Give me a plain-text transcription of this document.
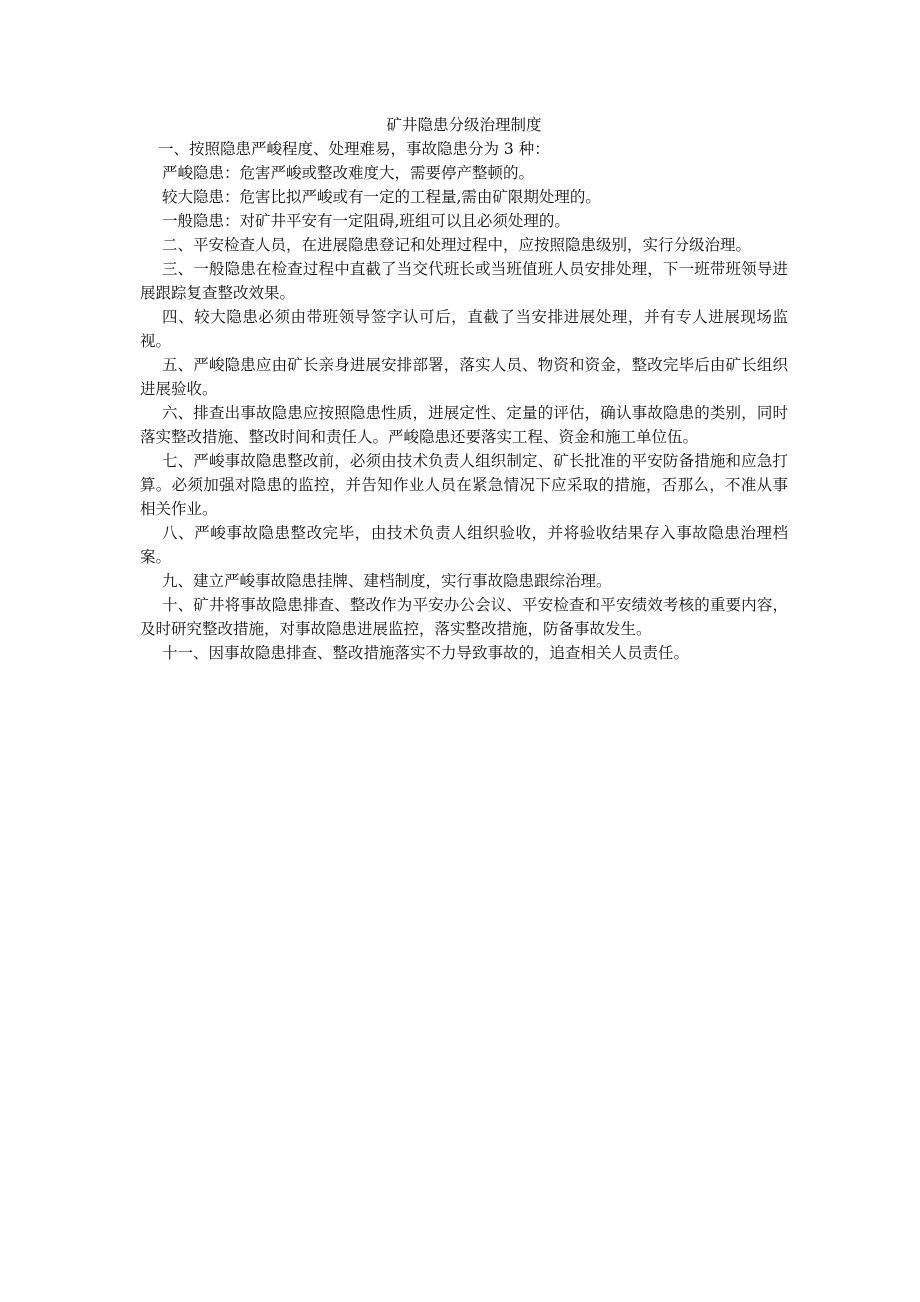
矿井隐患分级治理制度

一、按照隐患严峻程度、处理难易，事故隐患分为 3 种：

严峻隐患：危害严峻或整改难度大，需要停产整顿的。

较大隐患：危害比拟严峻或有一定的工程量,需由矿限期处理的。

一般隐患：对矿井平安有一定阻碍,班组可以且必须处理的。

二、平安检查人员，在进展隐患登记和处理过程中，应按照隐患级别，实行分级治理。

三、一般隐患在检查过程中直截了当交代班长或当班值班人员安排处理，下一班带班领导进展跟踪复查整改效果。

四、较大隐患必须由带班领导签字认可后，直截了当安排进展处理，并有专人进展现场监视。

五、严峻隐患应由矿长亲身进展安排部署，落实人员、物资和资金，整改完毕后由矿长组织进展验收。

六、排查出事故隐患应按照隐患性质，进展定性、定量的评估，确认事故隐患的类别，同时落实整改措施、整改时间和责任人。严峻隐患还要落实工程、资金和施工单位伍。

七、严峻事故隐患整改前，必须由技术负责人组织制定、矿长批准的平安防备措施和应急打算。必须加强对隐患的监控，并告知作业人员在紧急情况下应采取的措施，否那么，不准从事相关作业。

八、严峻事故隐患整改完毕，由技术负责人组织验收，并将验收结果存入事故隐患治理档案。

九、建立严峻事故隐患挂牌、建档制度，实行事故隐患跟综治理。

十、矿井将事故隐患排查、整改作为平安办公会议、平安检查和平安绩效考核的重要内容，及时研究整改措施，对事故隐患进展监控，落实整改措施，防备事故发生。

十一、因事故隐患排查、整改措施落实不力导致事故的，追查相关人员责任。
